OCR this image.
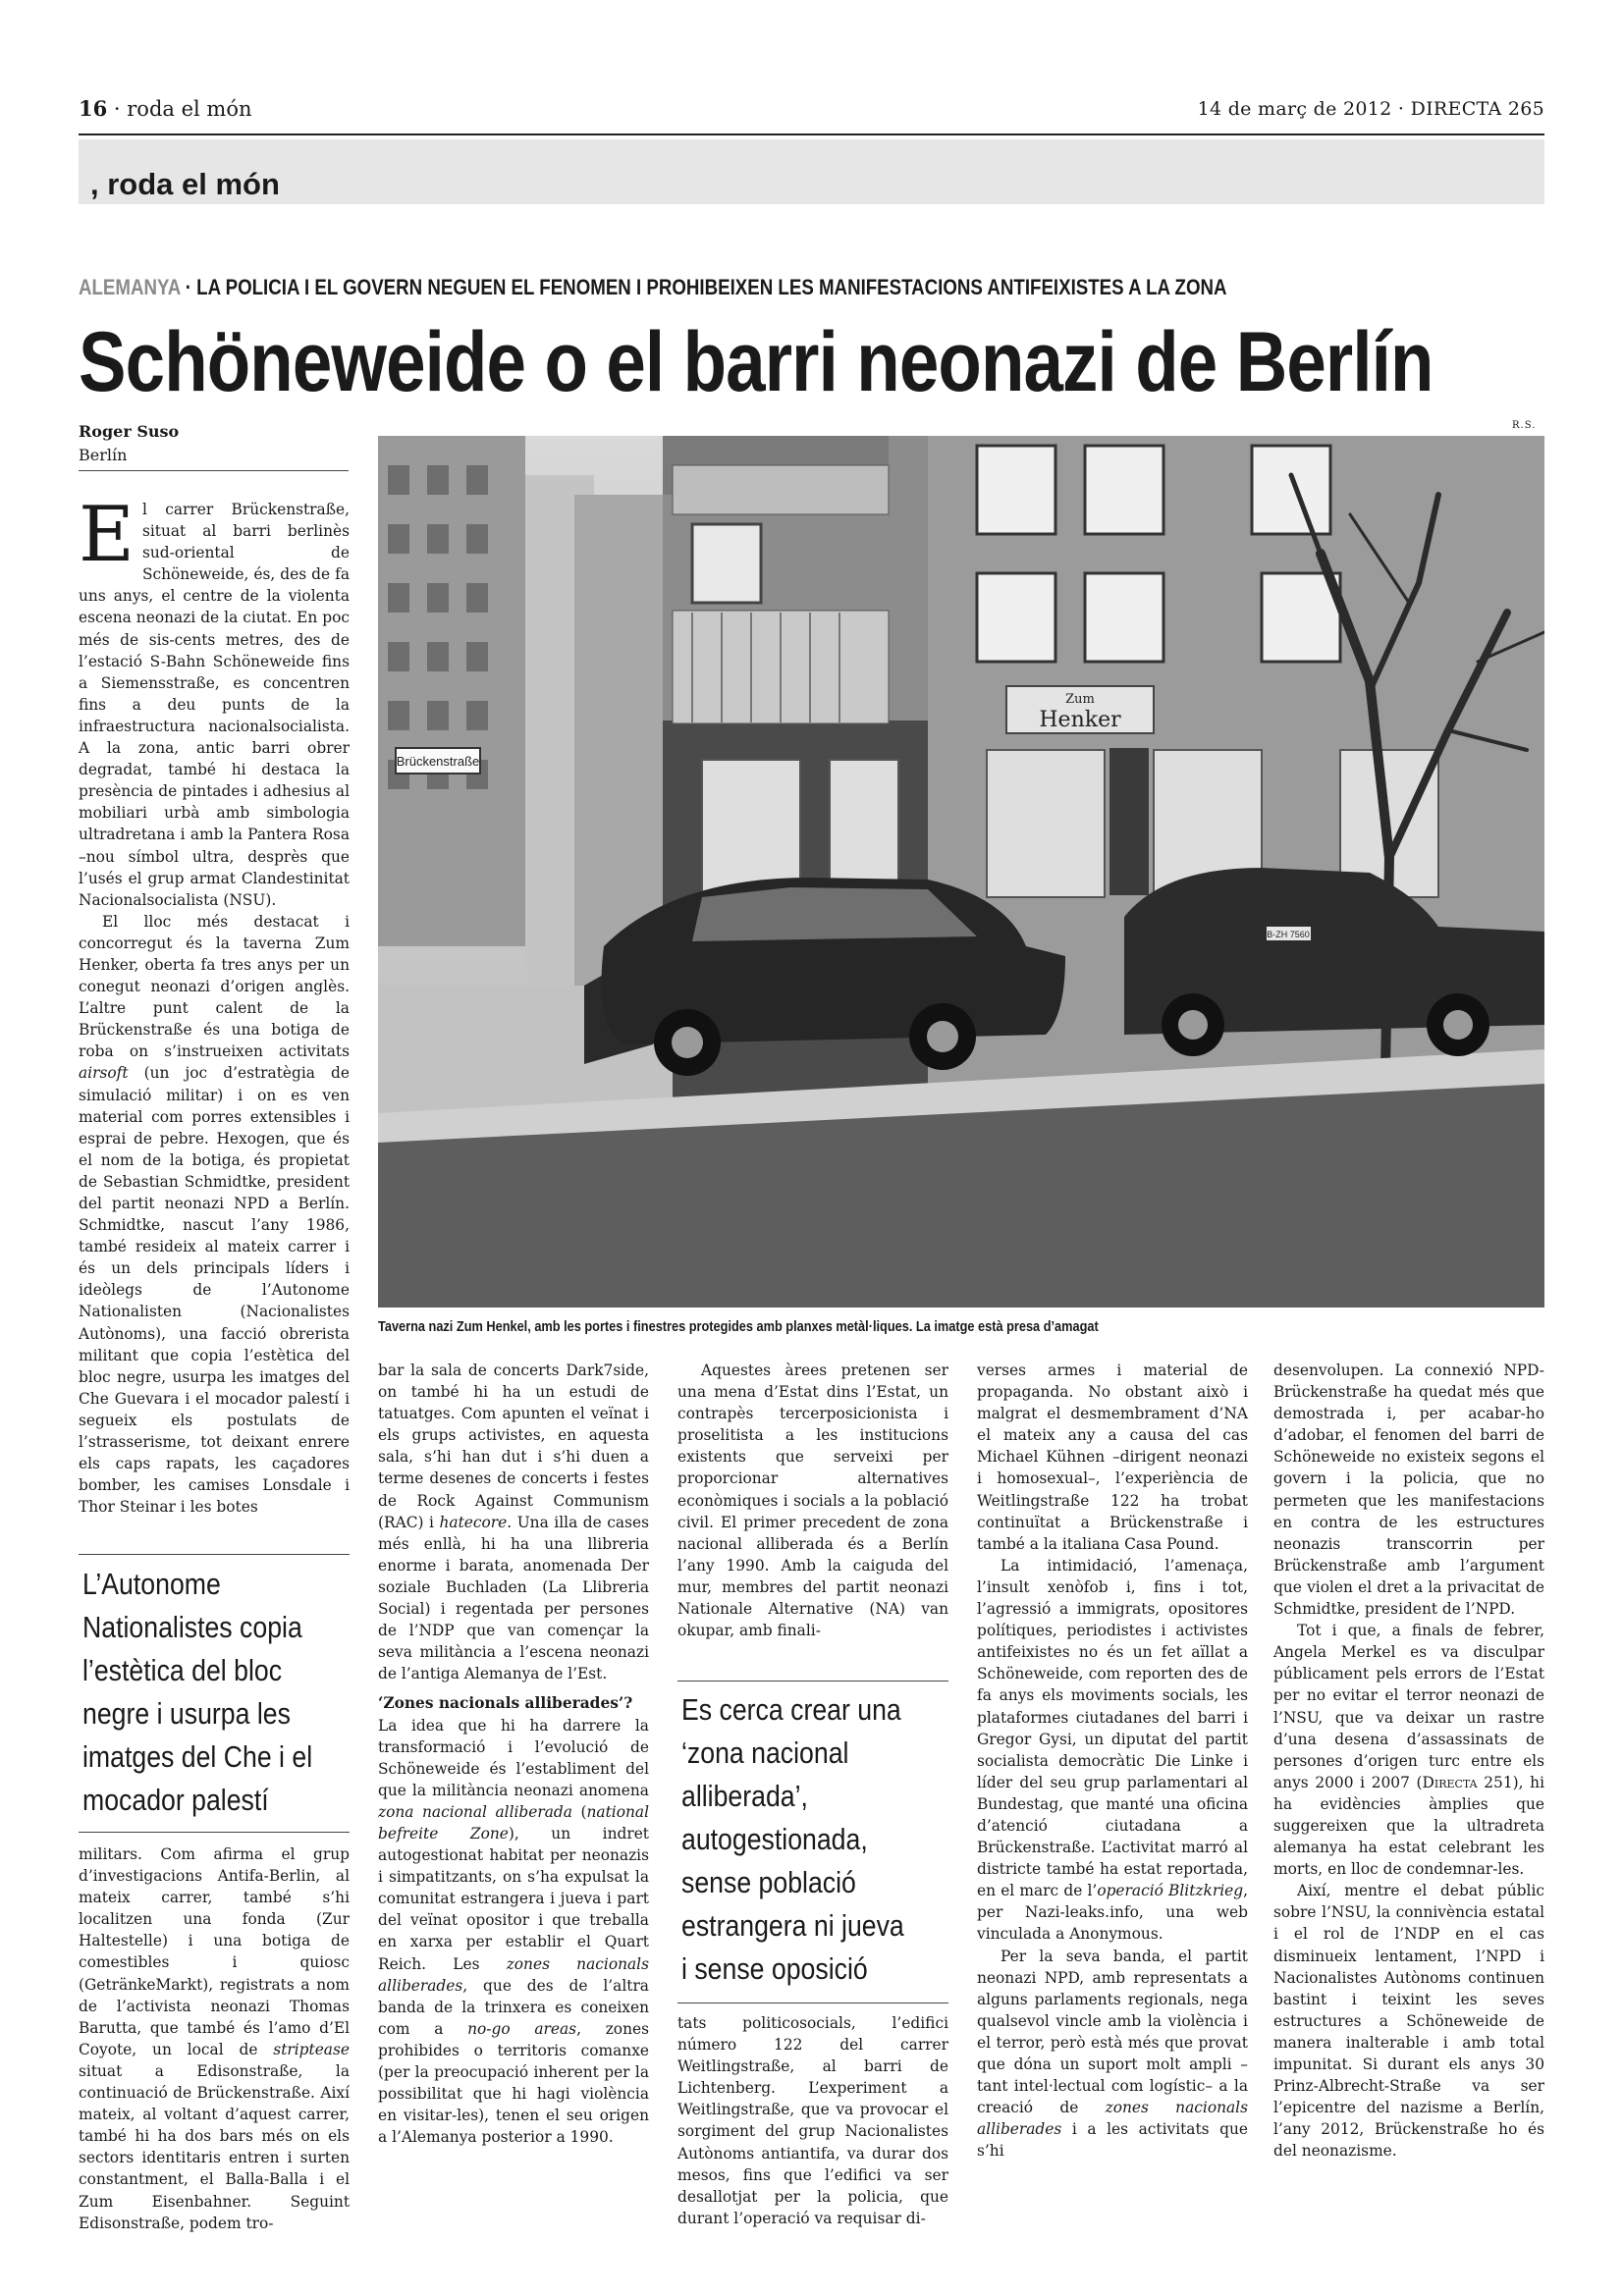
16 · roda el món	14 de març de 2012 · DIRECTA 265
, roda el món
ALEMANYA · LA POLICIA I EL GOVERN NEGUEN EL FENOMEN I PROHIBEIXEN LES MANIFESTACIONS ANTIFEIXISTES A LA ZONA
Schöneweide o el barri neonazi de Berlín
Roger Suso
Berlín
R.S.
Brückenstraße
Zum
Henker
B-ZH 7560
Taverna nazi Zum Henkel, amb les portes i finestres protegides amb planxes metàl·liques. La imatge està presa d’amagat

El carrer Brückenstraße, situat al barri berlinès sud-oriental de Schöneweide, és, des de fa uns anys, el centre de la violenta escena neonazi de la ciutat. En poc més de sis-cents metres, des de l’estació S-Bahn Schöneweide fins a Siemensstraße, es concentren fins a deu punts de la infraestructura nacionalsocialista. A la zona, antic barri obrer degradat, també hi destaca la presència de pintades i adhesius al mobiliari urbà amb simbologia ultradretana i amb la Pantera Rosa –nou símbol ultra, desprès que l’usés el grup armat Clandestinitat Nacionalsocialista (NSU).

El lloc més destacat i concorregut és la taverna Zum Henker, oberta fa tres anys per un conegut neonazi d’origen anglès. L’altre punt calent de la Brückenstraße és una botiga de roba on s’instrueixen activitats airsoft (un joc d’estratègia de simulació militar) i on es ven material com porres extensibles i esprai de pebre. Hexogen, que és el nom de la botiga, és propietat de Sebastian Schmidtke, president del partit neonazi NPD a Berlín. Schmidtke, nascut l’any 1986, també resideix al mateix carrer i és un dels principals líders i ideòlegs de l’Autonome Nationalisten (Nacionalistes Autònoms), una facció obrerista militant que copia l’estètica del bloc negre, usurpa les imatges del Che Guevara i el mocador palestí i segueix els postulats de l’strasserisme, tot deixant enrere els caps rapats, les caçadores bomber, les camises Lonsdale i Thor Steinar i les botes

L’Autonome
Nationalistes copia
l’estètica del bloc
negre i usurpa les
imatges del Che i el
mocador palestí

militars. Com afirma el grup d’investigacions Antifa-Berlin, al mateix carrer, també s’hi localitzen una fonda (Zur Haltestelle) i una botiga de comestibles i quiosc (GetränkeMarkt), registrats a nom de l’activista neonazi Thomas Barutta, que també és l’amo d’El Coyote, un local de striptease situat a Edisonstraße, la continuació de Brückenstraße. Així mateix, al voltant d’aquest carrer, també hi ha dos bars més on els sectors identitaris entren i surten constantment, el Balla-Balla i el Zum Eisenbahner. Seguint Edisonstraße, podem tro-

bar la sala de concerts Dark7side, on també hi ha un estudi de tatuatges. Com apunten el veïnat i els grups activistes, en aquesta sala, s’hi han dut i s’hi duen a terme desenes de concerts i festes de Rock Against Communism (RAC) i hatecore. Una illa de cases més enllà, hi ha una llibreria enorme i barata, anomenada Der soziale Buchladen (La Llibreria Social) i regentada per persones de l’NDP que van començar la seva militància a l’escena neonazi de l’antiga Alemanya de l’Est.

‘Zones nacionals alliberades’?

La idea que hi ha darrere la transformació i l’evolució de Schöneweide és l’establiment del que la militància neonazi anomena zona nacional alliberada (national befreite Zone), un indret autogestionat habitat per neonazis i simpatitzants, on s’ha expulsat la comunitat estrangera i jueva i part del veïnat opositor i que treballa en xarxa per establir el Quart Reich. Les zones nacionals alliberades, que des de l’altra banda de la trinxera es coneixen com a no-go areas, zones prohibides o territoris comanxe (per la preocupació inherent per la possibilitat que hi hagi violència en visitar-les), tenen el seu origen a l’Alemanya posterior a 1990.

Aquestes àrees pretenen ser una mena d’Estat dins l’Estat, un contrapès tercerposicionista i proselitista a les institucions existents que serveixi per proporcionar alternatives econòmiques i socials a la població civil. El primer precedent de zona nacional alliberada és a Berlín l’any 1990. Amb la caiguda del mur, membres del partit neonazi Nationale Alternative (NA) van okupar, amb finali-

Es cerca crear una
‘zona nacional
alliberada’,
autogestionada,
sense població
estrangera ni jueva
i sense oposició

tats politicosocials, l’edifici número 122 del carrer Weitlingstraße, al barri de Lichtenberg. L’experiment a Weitlingstraße, que va provocar el sorgiment del grup Nacionalistes Autònoms antiantifa, va durar dos mesos, fins que l’edifici va ser desallotjat per la policia, que durant l’operació va requisar di-

verses armes i material de propaganda. No obstant això i malgrat el desmembrament d’NA el mateix any a causa del cas Michael Kühnen –dirigent neonazi i homosexual–, l’experiència de Weitlingstraße 122 ha trobat continuïtat a Brückenstraße i també a la italiana Casa Pound.

La intimidació, l’amenaça, l’insult xenòfob i, fins i tot, l’agressió a immigrats, opositores polítiques, periodistes i activistes antifeixistes no és un fet aïllat a Schöneweide, com reporten des de fa anys els moviments socials, les plataformes ciutadanes del barri i Gregor Gysi, un diputat del partit socialista democràtic Die Linke i líder del seu grup parlamentari al Bundestag, que manté una oficina d’atenció ciutadana a Brückenstraße. L’activitat marró al districte també ha estat reportada, en el marc de l’operació Blitzkrieg, per Nazi-leaks.info, una web vinculada a Anonymous.

Per la seva banda, el partit neonazi NPD, amb representats a alguns parlaments regionals, nega qualsevol vincle amb la violència i el terror, però està més que provat que dóna un suport molt ampli –tant intel·lectual com logístic– a la creació de zones nacionals alliberades i a les activitats que s’hi

desenvolupen. La connexió NPD-Brückenstraße ha quedat més que demostrada i, per acabar-ho d’adobar, el fenomen del barri de Schöneweide no existeix segons el govern i la policia, que no permeten que les manifestacions en contra de les estructures neonazis transcorrin per Brückenstraße amb l’argument que violen el dret a la privacitat de Schmidtke, president de l’NPD.

Tot i que, a finals de febrer, Angela Merkel es va disculpar públicament pels errors de l’Estat per no evitar el terror neonazi de l’NSU, que va deixar un rastre d’una desena d’assassinats de persones d’origen turc entre els anys 2000 i 2007 (Directa 251), hi ha evidències àmplies que suggereixen que la ultradreta alemanya ha estat celebrant les morts, en lloc de condemnar-les.

Així, mentre el debat públic sobre l’NSU, la connivència estatal i el rol de l’NDP en el cas disminueix lentament, l’NPD i Nacionalistes Autònoms continuen bastint i teixint les seves estructures a Schöneweide de manera inalterable i amb total impunitat. Si durant els anys 30 Prinz-Albrecht-Straße va ser l’epicentre del nazisme a Berlín, l’any 2012, Brückenstraße ho és del neonazisme.
